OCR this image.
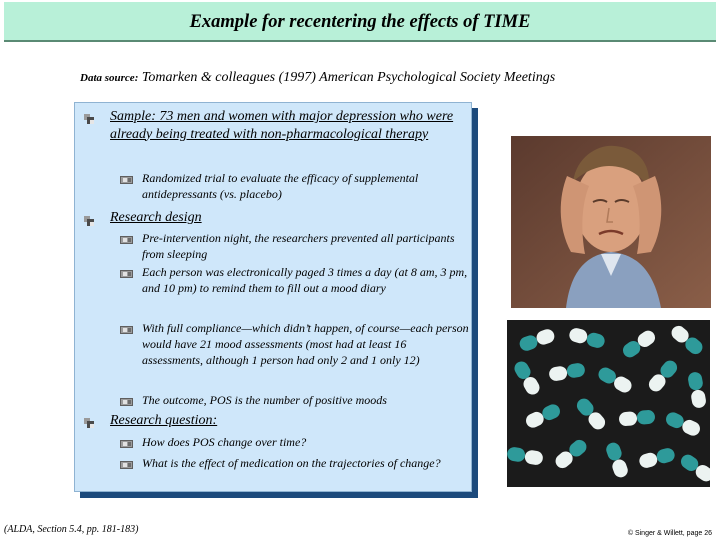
Example for recentering the effects of TIME
Data source: Tomarken & colleagues (1997) American Psychological Society Meetings
Sample: 73 men and women with major depression who were already being treated with non-pharmacological therapy
Randomized trial to evaluate the efficacy of supplemental antidepressants (vs. placebo)
Research design
Pre-intervention night, the researchers prevented all participants from sleeping
Each person was electronically paged 3 times a day (at 8 am, 3 pm, and 10 pm) to remind them to fill out a mood diary
With full compliance—which didn’t happen, of course—each person would have 21 mood assessments (most had at least 16 assessments, although 1 person had only 2 and 1 only 12)
The outcome, POS is the number of positive moods
Research question:
How does POS change over time?
What is the effect of medication on the trajectories of change?
(ALDA, Section 5.4, pp. 181-183)	© Singer & Willett, page 26
